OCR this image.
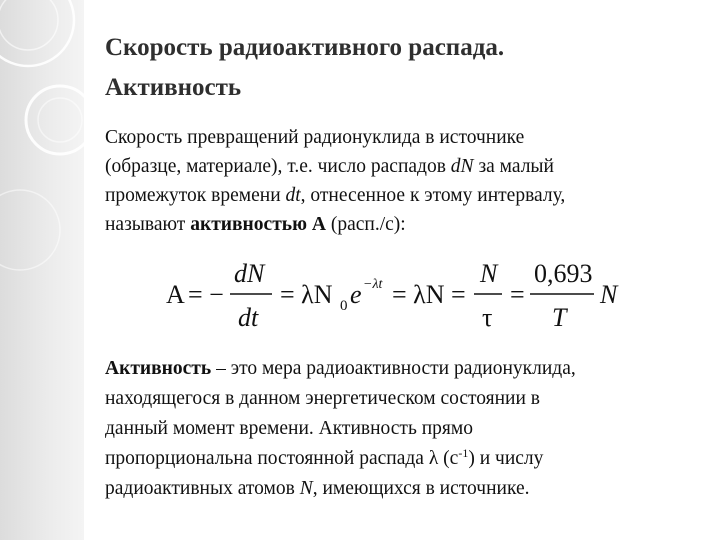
Скорость радиоактивного распада.
Активность
Скорость превращений радионуклида в источнике
(образце, материале), т.е. число распадов dN за малый
промежуток времени dt, отнесенное к этому интервалу,
называют активностью А (расп./с):
A = −
dN
dt
= λN 0 e −λt = λN =
N
τ
=
0,693
T
N
Активность – это мера радиоактивности радионуклида,
находящегося в данном энергетическом состоянии в
данный момент времени. Активность прямо
пропорциональна постоянной распада λ $(с^{-1})$ и числу
радиоактивных атомов N, имеющихся в источнике.
